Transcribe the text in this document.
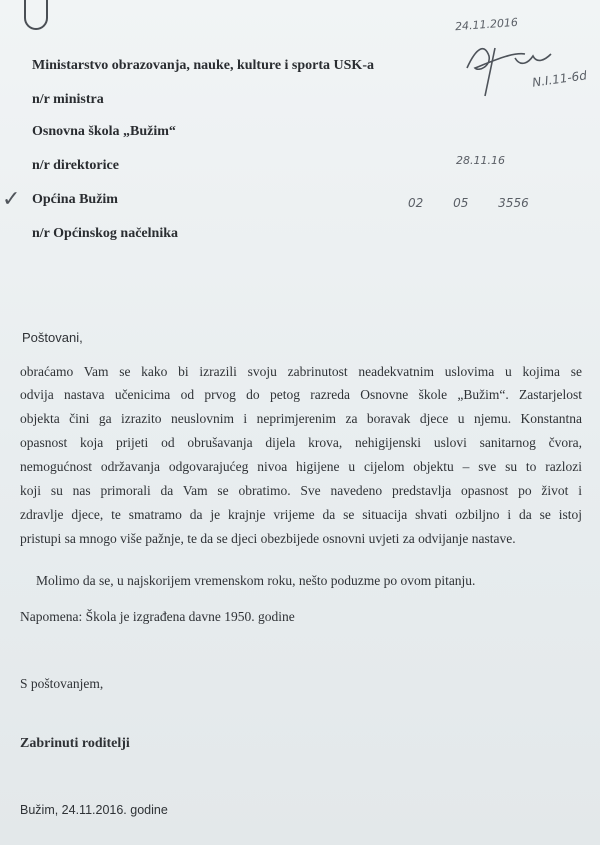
24.11.2016
N.I.11-6d
Ministarstvo obrazovanja, nauke, kulture i sporta USK-a
n/r ministra
Osnovna škola „Bužim“
n/r direktorice	28.11.16
✓ Općina Bužim	02 05 3556
n/r Općinskog načelnika
Poštovani,
obraćamo Vam se kako bi izrazili svoju zabrinutost neadekvatnim uslovima u kojima se
odvija nastava učenicima od prvog do petog razreda Osnovne škole „Bužim“. Zastarjelost
objekta čini ga izrazito neuslovnim i neprimjerenim za boravak djece u njemu. Konstantna
opasnost koja prijeti od obrušavanja dijela krova, nehigijenski uslovi sanitarnog čvora,
nemogućnost održavanja odgovarajućeg nivoa higijene u cijelom objektu – sve su to razlozi
koji su nas primorali da Vam se obratimo. Sve navedeno predstavlja opasnost po život i
zdravlje djece, te smatramo da je krajnje vrijeme da se situacija shvati ozbiljno i da se istoj
pristupi sa mnogo više pažnje, te da se djeci obezbijede osnovni uvjeti za odvijanje nastave.
Molimo da se, u najskorijem vremenskom roku, nešto poduzme po ovom pitanju.
Napomena: Škola je izgrađena davne 1950. godine
S poštovanjem,
Zabrinuti roditelji
Bužim, 24.11.2016. godine
